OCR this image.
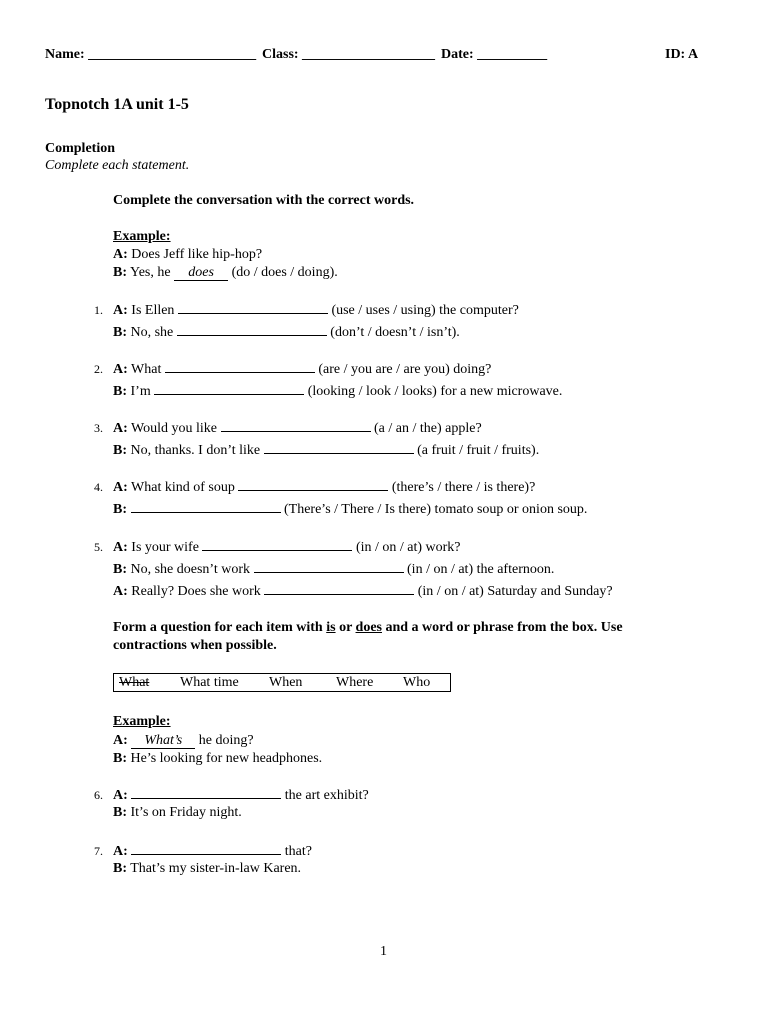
Name: ________________________ Class: ___________________ Date: __________	ID: A
Topnotch 1A unit 1-5
Completion
Complete each statement.
Complete the conversation with the correct words.
Example:
A: Does Jeff like hip-hop?
B: Yes, he does (do / does / doing).
1. A: Is Ellen	(use / uses / using) the computer?
B: No, she	(don’t / doesn’t / isn’t).
2. A: What	(are / you are / are you) doing?
B: I’m	(looking / look / looks) for a new microwave.
3. A: Would you like	(a / an / the) apple?
B: No, thanks. I don’t like	(a fruit / fruit / fruits).
4. A: What kind of soup	(there’s / there / is there)?
B:	(There’s / There / Is there) tomato soup or onion soup.
5. A: Is your wife	(in / on / at) work?
B: No, she doesn’t work	(in / on / at) the afternoon.
A: Really? Does she work	(in / on / at) Saturday and Sunday?
Form a question for each item with is or does and a word or phrase from the box. Use
contractions when possible.
What What time When Where Who
Example:
A: What’s he doing?
B: He’s looking for new headphones.
6. A:	the art exhibit?
B: It’s on Friday night.
7. A:	that?
B: That’s my sister-in-law Karen.
1
